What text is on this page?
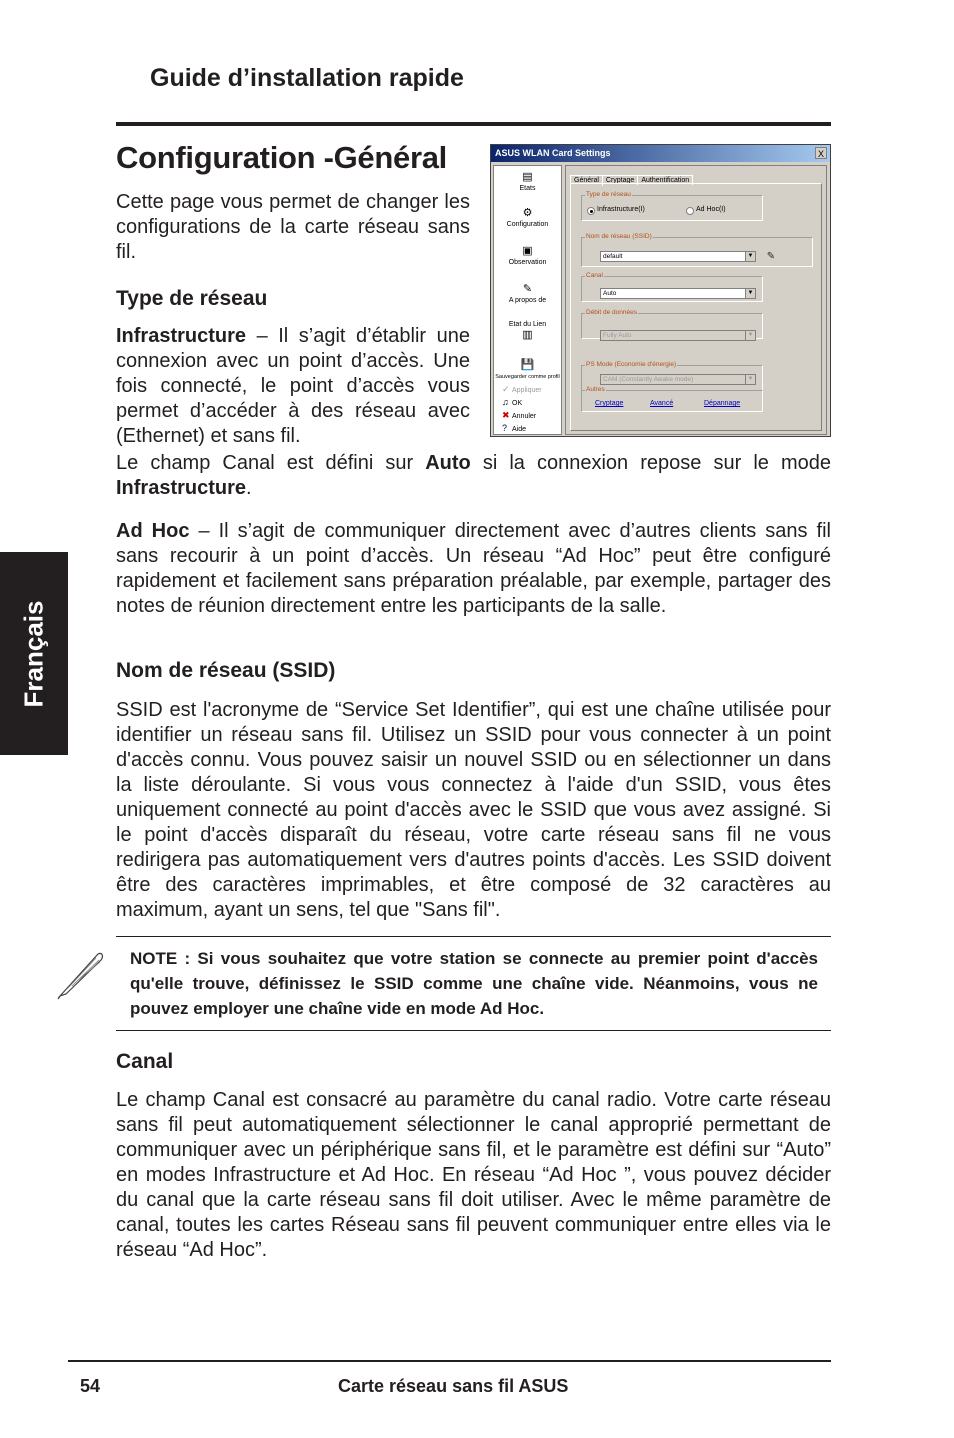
Guide d’installation rapide
Français
Configuration -Général
Cette page vous permet de changer les configurations de la carte réseau sans fil.
Type de réseau
Infrastructure – Il s’agit d’établir une connexion avec un point d’accès. Une fois connecté, le point d’accès vous permet d’accéder à des réseau avec (Ethernet) et sans fil.
Le champ Canal est défini sur Auto si la connexion repose sur le mode Infrastructure.
Ad Hoc – Il s’agit de communiquer directement avec d’autres clients sans fil sans recourir à un point d’accès. Un réseau “Ad Hoc” peut être configuré rapidement et facilement sans préparation préalable, par exemple, partager des notes de réunion directement entre les participants de la salle.
Nom de réseau (SSID)
SSID est l'acronyme de “Service Set Identifier”, qui est une chaîne utilisée pour identifier un réseau sans fil. Utilisez un SSID pour vous connecter à un point d'accès connu. Vous pouvez saisir un nouvel SSID ou en sélectionner un dans la liste déroulante. Si vous vous connectez à l'aide d'un SSID, vous êtes uniquement connecté au point d'accès avec le SSID que vous avez assigné. Si le point d'accès disparaît du réseau, votre carte réseau sans fil ne vous redirigera pas automatiquement vers d'autres points d'accès. Les SSID doivent être des caractères imprimables, et être composé de 32 caractères au maximum, ayant un sens, tel que "Sans fil".
NOTE : Si vous souhaitez que votre station se connecte au premier point d'accès qu'elle trouve, définissez le SSID comme une chaîne vide. Néanmoins, vous ne pouvez employer une chaîne vide en mode Ad Hoc.
Canal
Le champ Canal est consacré au paramètre du canal radio. Votre carte réseau sans fil peut automatiquement sélectionner le canal approprié permettant de communiquer avec un périphérique sans fil, et le paramètre est défini sur “Auto” en modes Infrastructure et Ad Hoc. En réseau “Ad Hoc ”, vous pouvez décider du canal que la carte réseau sans fil doit utiliser. Avec le même paramètre de canal, toutes les cartes Réseau sans fil peuvent communiquer entre elles via le réseau “Ad Hoc”.
54	Carte réseau sans fil ASUS
ASUS WLAN Card Settings	X
▤
Etats
⚙
Configuration
▣
Observation
✎
A propos de
Etat du Lien
▥
💾
Sauvegarder comme profil
✓ Appliquer
♫ OK
✖ Annuler
? Aide
Général Cryptage Authentification
Type de réseau
Infrastructure(I)	Ad Hoc(I)
Nom de réseau (SSID)
default	▼	✎
Canal
Auto	▼
Débit de données
Fully Auto	▼
PS Mode (Economie d'énergie)
CAM (Constantly Awake mode)	▼
Autres
Cryptage	Avancé	Dépannage
